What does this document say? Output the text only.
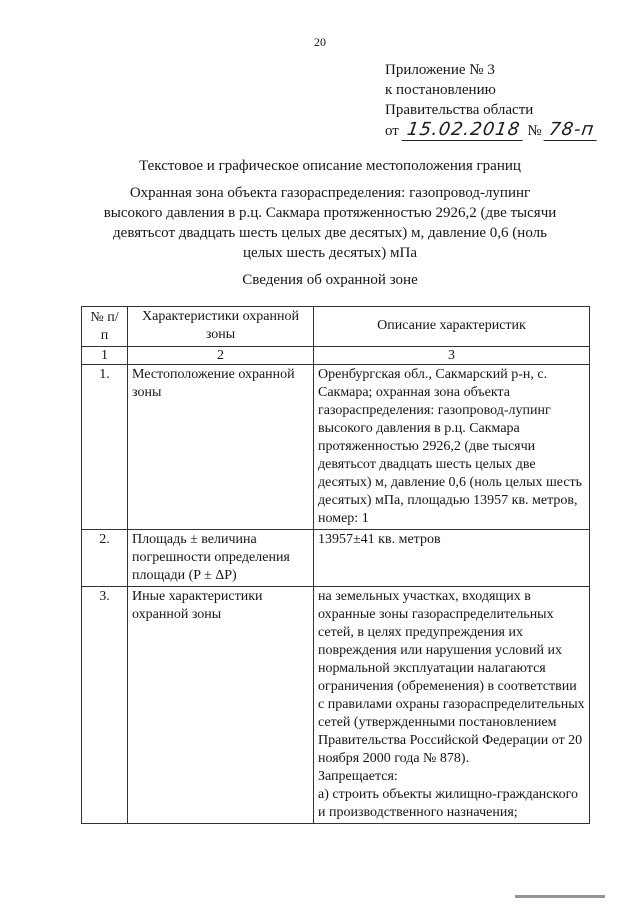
20
Приложение № 3
к постановлению
Правительства области
от 15.02.2018 № 78-п
Текстовое и графическое описание местоположения границ
Охранная зона объекта газораспределения: газопровод-лупинг высокого давления в р.ц. Сакмара протяженностью 2926,2 (две тысячи девятьсот двадцать шесть целых две десятых) м, давление 0,6 (ноль целых шесть десятых) мПа
Сведения об охранной зоне
№ п/п	Характеристики охранной зоны	Описание характеристик
1	2	3
1.	Местоположение охранной зоны	Оренбургская обл., Сакмарский р-н, с. Сакмара; охранная зона объекта газораспределения: газопровод-лупинг высокого давления в р.ц. Сакмара протяженностью 2926,2 (две тысячи девятьсот двадцать шесть целых две десятых) м, давление 0,6 (ноль целых шесть десятых) мПа, площадью 13957 кв. метров, номер: 1
2.	Площадь ± величина погрешности определения площади (P ± ΔP)	13957±41 кв. метров
3.	Иные характеристики охранной зоны	на земельных участках, входящих в охранные зоны газораспределительных сетей, в целях предупреждения их повреждения или нарушения условий их нормальной эксплуатации налагаются ограничения (обременения) в соответствии с правилами охраны газораспределительных сетей (утвержденными постановлением Правительства Российской Федерации от 20 ноября 2000 года № 878).
Запрещается:
а) строить объекты жилищно-гражданского и производственного назначения;
